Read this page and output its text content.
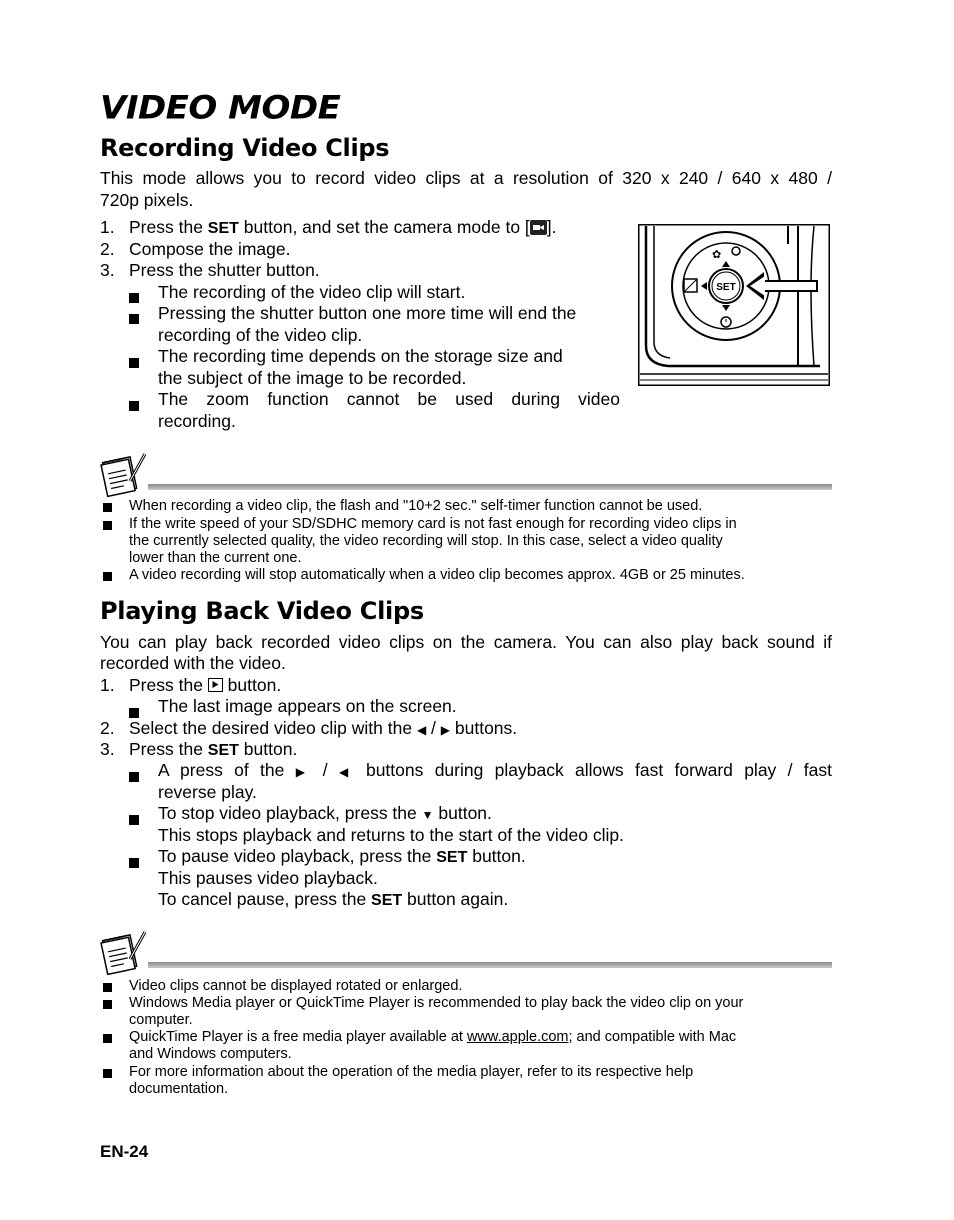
VIDEO MODE
Recording Video Clips
This mode allows you to record video clips at a resolution of 320 x 240 / 640 x 480 /
720p pixels.
1. Press the SET button, and set the camera mode to [ ].
2. Compose the image.
3. Press the shutter button.
The recording of the video clip will start.
Pressing the shutter button one more time will end the
recording of the video clip.
The recording time depends on the storage size and
the subject of the image to be recorded.
The zoom function cannot be used during video
recording.
✿
SET
When recording a video clip, the flash and "10+2 sec." self-timer function cannot be used.
If the write speed of your SD/SDHC memory card is not fast enough for recording video clips in
the currently selected quality, the video recording will stop. In this case, select a video quality
lower than the current one.
A video recording will stop automatically when a video clip becomes approx. 4GB or 25 minutes.
Playing Back Video Clips
You can play back recorded video clips on the camera. You can also play back sound if
recorded with the video.
1. Press the
button.
The last image appears on the screen.
2. Select the desired video clip with the ◀ / ▶ buttons.
3. Press the SET button.
A press of the ▶ / ◀ buttons during playback allows fast forward play / fast
reverse play.
To stop video playback, press the ▼ button.
This stops playback and returns to the start of the video clip.
To pause video playback, press the SET button.
This pauses video playback.
To cancel pause, press the SET button again.
Video clips cannot be displayed rotated or enlarged.
Windows Media player or QuickTime Player is recommended to play back the video clip on your
computer.
QuickTime Player is a free media player available at www.apple.com; and compatible with Mac
and Windows computers.
For more information about the operation of the media player, refer to its respective help
documentation.
EN-24
